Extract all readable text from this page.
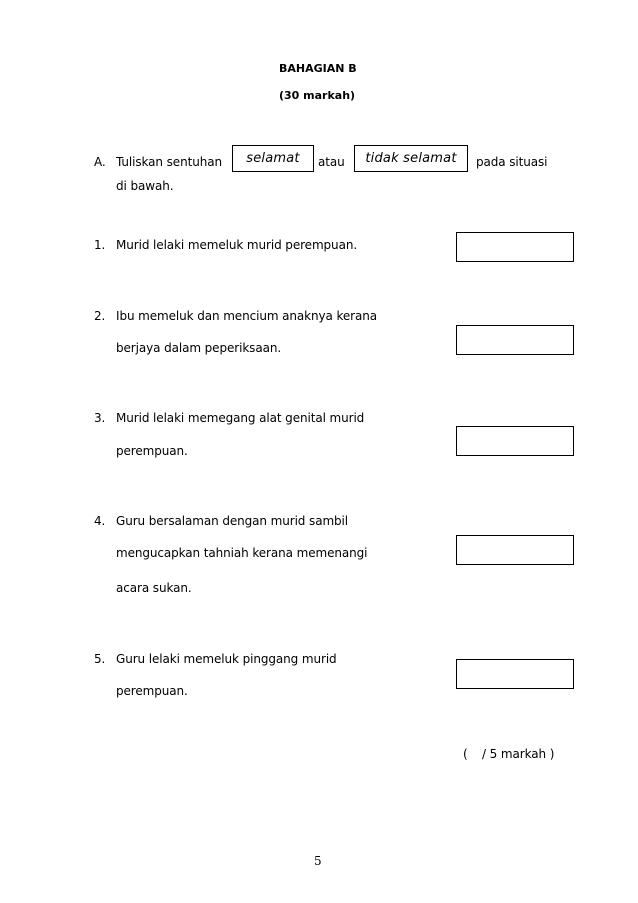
BAHAGIAN B
(30 markah)
A. Tuliskan sentuhan selamat atau tidak selamat pada situasi
di bawah.
1. Murid lelaki memeluk murid perempuan.
2. Ibu memeluk dan mencium anaknya kerana
berjaya dalam peperiksaan.
3. Murid lelaki memegang alat genital murid
perempuan.
4. Guru bersalaman dengan murid sambil
mengucapkan tahniah kerana memenangi
acara sukan.
5. Guru lelaki memeluk pinggang murid
perempuan.
( / 5 markah )
5
